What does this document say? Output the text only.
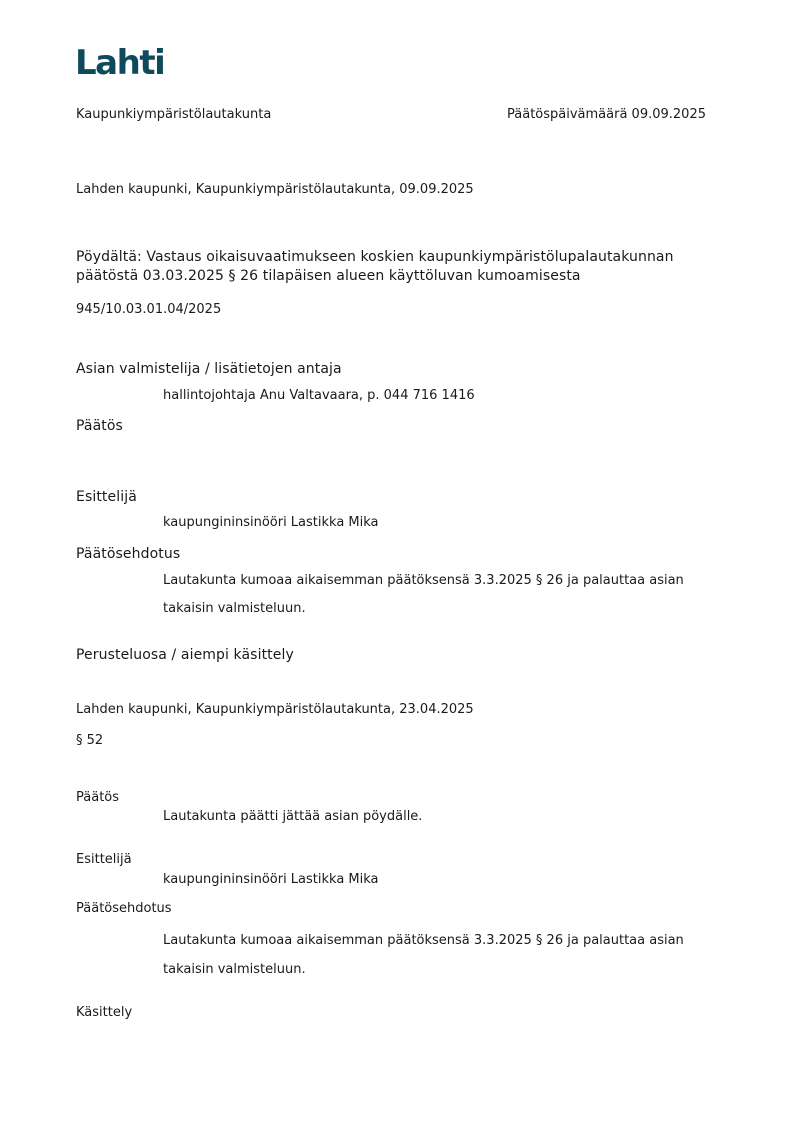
Lahti
Kaupunkiympäristölautakunta	Päätöspäivämäärä 09.09.2025
Lahden kaupunki, Kaupunkiympäristölautakunta, 09.09.2025
Pöydältä: Vastaus oikaisuvaatimukseen koskien kaupunkiympäristölupalautakunnan
päätöstä 03.03.2025 § 26 tilapäisen alueen käyttöluvan kumoamisesta
945/10.03.01.04/2025
Asian valmistelija / lisätietojen antaja
hallintojohtaja Anu Valtavaara, p. 044 716 1416
Päätös
Esittelijä
kaupungininsinööri Lastikka Mika
Päätösehdotus
Lautakunta kumoaa aikaisemman päätöksensä 3.3.2025 § 26 ja palauttaa asian
takaisin valmisteluun.
Perusteluosa / aiempi käsittely
Lahden kaupunki, Kaupunkiympäristölautakunta, 23.04.2025
§ 52
Päätös
Lautakunta päätti jättää asian pöydälle.
Esittelijä
kaupungininsinööri Lastikka Mika
Päätösehdotus
Lautakunta kumoaa aikaisemman päätöksensä 3.3.2025 § 26 ja palauttaa asian
takaisin valmisteluun.
Käsittely
